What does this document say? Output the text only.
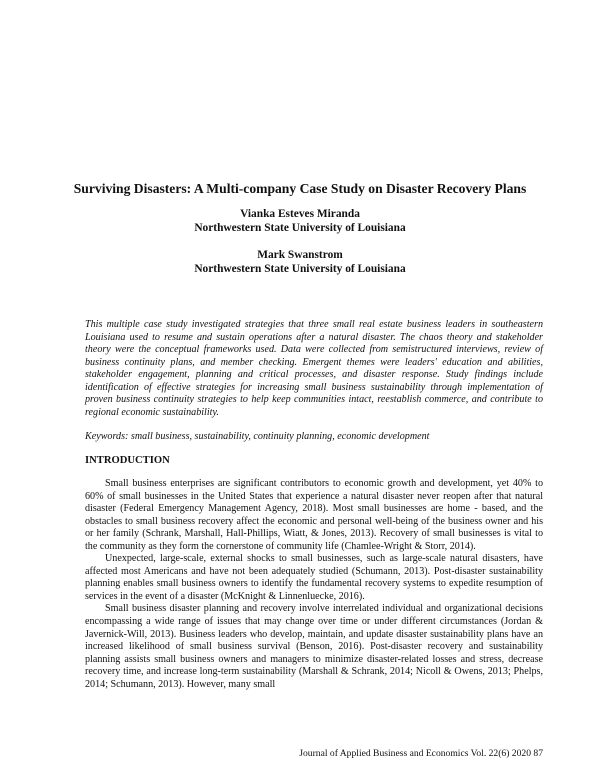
Surviving Disasters: A Multi-company Case Study on Disaster Recovery Plans
Vianka Esteves Miranda
Northwestern State University of Louisiana
Mark Swanstrom
Northwestern State University of Louisiana

This multiple case study investigated strategies that three small real estate business leaders in southeastern Louisiana used to resume and sustain operations after a natural disaster. The chaos theory and stakeholder theory were the conceptual frameworks used. Data were collected from semistructured interviews, review of business continuity plans, and member checking. Emergent themes were leaders' education and abilities, stakeholder engagement, planning and critical processes, and disaster response. Study findings include identification of effective strategies for increasing small business sustainability through implementation of proven business continuity strategies to help keep communities intact, reestablish commerce, and contribute to regional economic sustainability.

Keywords: small business, sustainability, continuity planning, economic development

INTRODUCTION

Small business enterprises are significant contributors to economic growth and development, yet 40% to 60% of small businesses in the United States that experience a natural disaster never reopen after that natural disaster (Federal Emergency Management Agency, 2018). Most small businesses are home - based, and the obstacles to small business recovery affect the economic and personal well-being of the business owner and his or her family (Schrank, Marshall, Hall-Phillips, Wiatt, & Jones, 2013). Recovery of small businesses is vital to the community as they form the cornerstone of community life (Chamlee-Wright & Storr, 2014).

Unexpected, large-scale, external shocks to small businesses, such as large-scale natural disasters, have affected most Americans and have not been adequately studied (Schumann, 2013). Post-disaster sustainability planning enables small business owners to identify the fundamental recovery systems to expedite resumption of services in the event of a disaster (McKnight & Linnenluecke, 2016).

Small business disaster planning and recovery involve interrelated individual and organizational decisions encompassing a wide range of issues that may change over time or under different circumstances (Jordan & Javernick-Will, 2013). Business leaders who develop, maintain, and update disaster sustainability plans have an increased likelihood of small business survival (Benson, 2016). Post-disaster recovery and sustainability planning assists small business owners and managers to minimize disaster-related losses and stress, decrease recovery time, and increase long-term sustainability (Marshall & Schrank, 2014; Nicoll & Owens, 2013; Phelps, 2014; Schumann, 2013). However, many small

Journal of Applied Business and Economics Vol. 22(6) 2020 87
